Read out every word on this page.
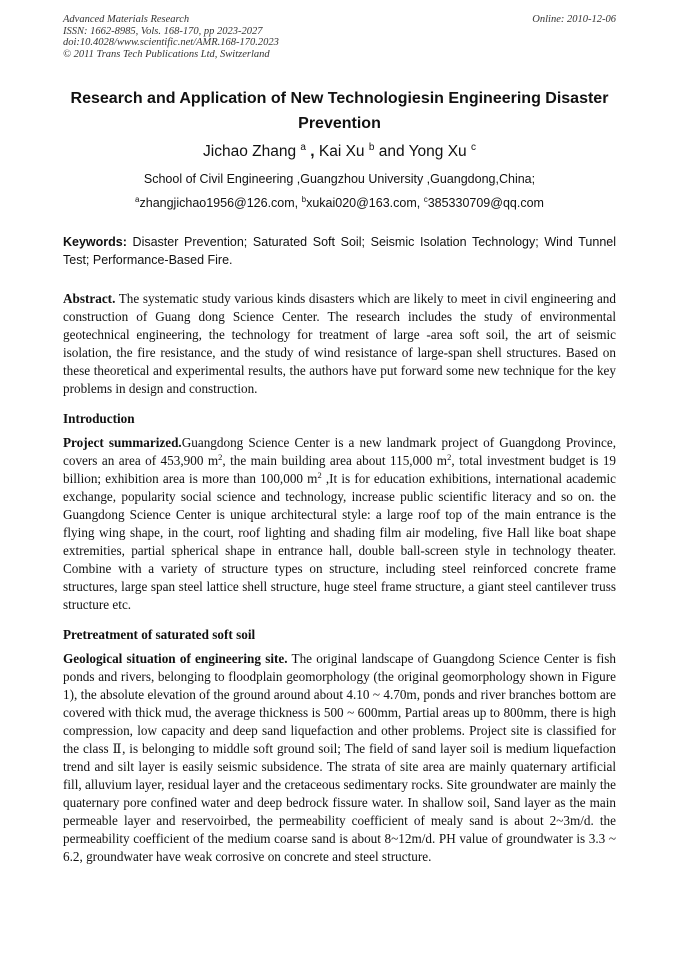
Advanced Materials Research
ISSN: 1662-8985, Vols. 168-170, pp 2023-2027
doi:10.4028/www.scientific.net/AMR.168-170.2023
© 2011 Trans Tech Publications Ltd, Switzerland
Online: 2010-12-06
Research and Application of New Technologiesin Engineering Disaster
Prevention
Jichao Zhang $^a$ , Kai Xu $^b$ and Yong Xu $^c$
School of Civil Engineering ,Guangzhou University ,Guangdong,China;
$^a$zhangjichao1956@126.com, $^b$xukai020@163.com, $^c$385330709@qq.com
Keywords: Disaster Prevention; Saturated Soft Soil; Seismic Isolation Technology; Wind Tunnel Test; Performance-Based Fire.
Abstract. The systematic study various kinds disasters which are likely to meet in civil engineering and construction of Guang dong Science Center. The research includes the study of environmental geotechnical engineering, the technology for treatment of large -area soft soil, the art of seismic isolation, the fire resistance, and the study of wind resistance of large-span shell structures. Based on these theoretical and experimental results, the authors have put forward some new technique for the key problems in design and construction.
Introduction
Project summarized.Guangdong Science Center is a new landmark project of Guangdong Province, covers an area of 453,900 $m^2$, the main building area about 115,000 $m^2$, total investment budget is 19 billion; exhibition area is more than 100,000 $m^2$ ,It is for education exhibitions, international academic exchange, popularity social science and technology, increase public scientific literacy and so on. the Guangdong Science Center is unique architectural style: a large roof top of the main entrance is the flying wing shape, in the court, roof lighting and shading film air modeling, five Hall like boat shape extremities, partial spherical shape in entrance hall, double ball-screen style in technology theater. Combine with a variety of structure types on structure, including steel reinforced concrete frame structures, large span steel lattice shell structure, huge steel frame structure, a giant steel cantilever truss structure etc.
Pretreatment of saturated soft soil
Geological situation of engineering site. The original landscape of Guangdong Science Center is fish ponds and rivers, belonging to floodplain geomorphology (the original geomorphology shown in Figure 1), the absolute elevation of the ground around about 4.10 ~ 4.70m, ponds and river branches bottom are covered with thick mud, the average thickness is 500 ~ 600mm, Partial areas up to 800mm, there is high compression, low capacity and deep sand liquefaction and other problems. Project site is classified for the class Ⅱ, is belonging to middle soft ground soil; The field of sand layer soil is medium liquefaction trend and silt layer is easily seismic subsidence. The strata of site area are mainly quaternary artificial fill, alluvium layer, residual layer and the cretaceous sedimentary rocks. Site groundwater are mainly the quaternary pore confined water and deep bedrock fissure water. In shallow soil, Sand layer as the main permeable layer and reservoirbed, the permeability coefficient of mealy sand is about 2~3m/d. the permeability coefficient of the medium coarse sand is about 8~12m/d. PH value of groundwater is 3.3 ~ 6.2, groundwater have weak corrosive on concrete and steel structure.
